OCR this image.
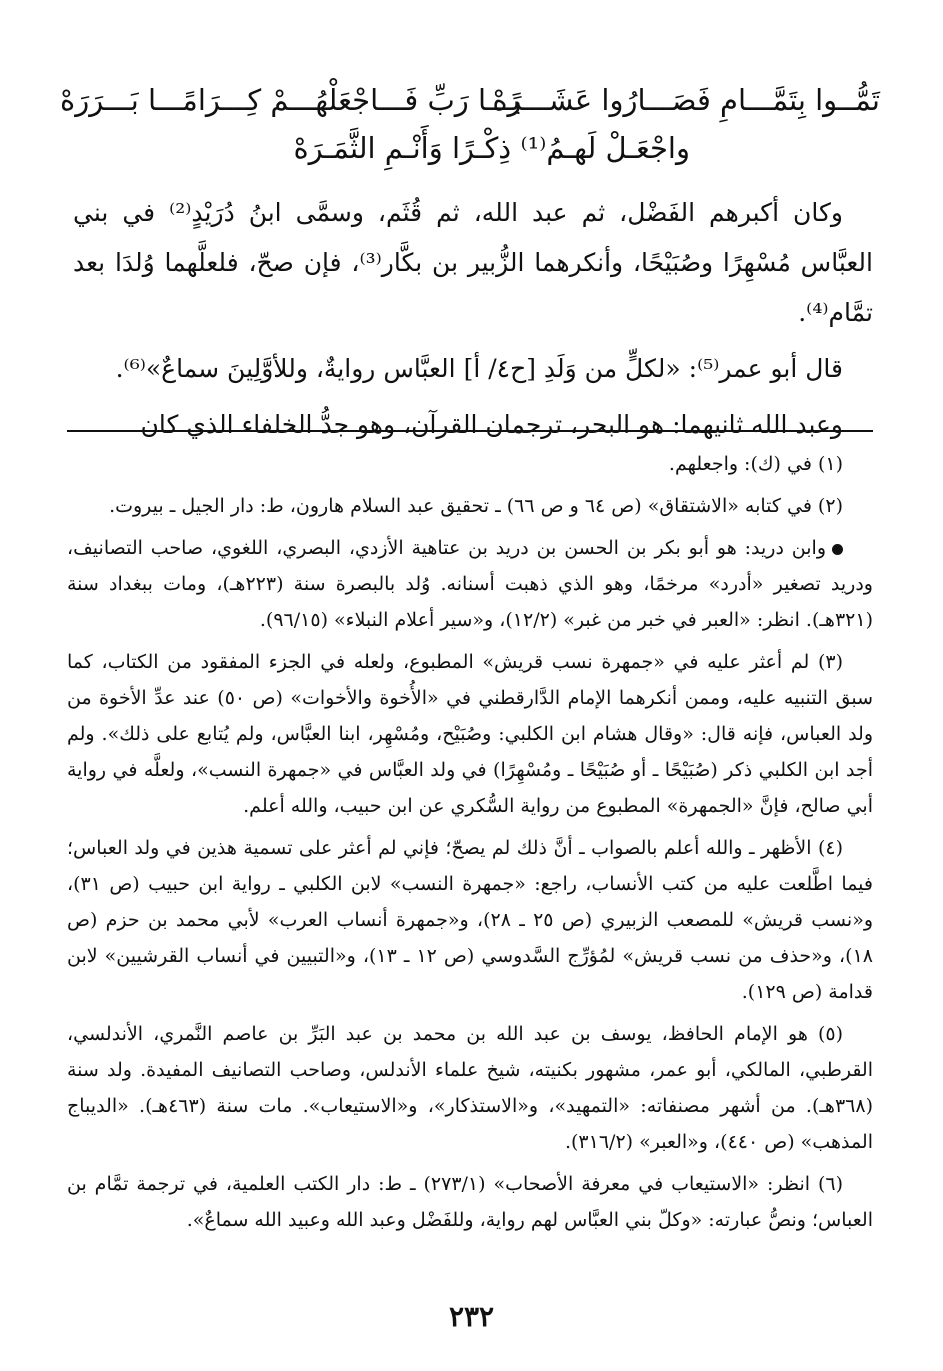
تَمُّــوا بِتَمَّـــامِ فَصَـــارُوا عَشَـــرَهْ
يَـــا رَبِّ فَـــاجْعَلْهُـــمْ كِـــرَامًـــا بَـــرَرَهْ
واجْعَـلْ لَهـمُ⁽¹⁾ ذِكْـرًا وَأَنْـمِ الثَّمَـرَهْ

وكان أكبرهم الفَضْل، ثم عبد الله، ثم قُثَم، وسمَّى ابنُ دُرَيْدٍ⁽²⁾ في بني العبَّاس مُسْهِرًا وصُبَيْحًا، وأنكرهما الزُّبير بن بكَّار⁽³⁾، فإن صحّ، فلعلَّهما وُلدَا بعد تمَّام⁽⁴⁾.

قال أبو عمر⁽⁵⁾: «لكلٍّ من وَلَدِ [ح٤/ أ] العبَّاس روايةٌ، وللأوَّلِينَ سماعٌ»⁽⁶⁾.

وعبد الله ثانيهما: هو البحر، ترجمان القرآن، وهو جدُّ الخلفاء الذي كان

(١) في (ك): واجعلهم.

(٢) في كتابه «الاشتقاق» (ص ٦٤ و ص ٦٦) ـ تحقيق عبد السلام هارون، ط: دار الجيل ـ بيروت.

وابن دريد: هو أبو بكر بن الحسن بن دريد بن عتاهية الأزدي، البصري، اللغوي، صاحب التصانيف، ودريد تصغير «أدرد» مرخمًا، وهو الذي ذهبت أسنانه. وُلد بالبصرة سنة (٢٢٣هـ)، ومات ببغداد سنة (٣٢١هـ). انظر: «العبر في خبر من غبر» (١٢/٢)، و«سير أعلام النبلاء» (٩٦/١٥).

(٣) لم أعثر عليه في «جمهرة نسب قريش» المطبوع، ولعله في الجزء المفقود من الكتاب، كما سبق التنبيه عليه، وممن أنكرهما الإمام الدَّارقطني في «الأُخوة والأخوات» (ص ٥٠) عند عدِّ الأخوة من ولد العباس، فإنه قال: «وقال هشام ابن الكلبي: وصُبَيْح، ومُسْهِر، ابنا العبَّاس، ولم يُتابع على ذلك». ولم أجد ابن الكلبي ذكر (صُبَيْحًا ـ أو صُبَيْحًا ـ ومُسْهِرًا) في ولد العبَّاس في «جمهرة النسب»، ولعلَّه في رواية أبي صالح، فإنَّ «الجمهرة» المطبوع من رواية السُّكري عن ابن حبيب، والله أعلم.

(٤) الأظهر ـ والله أعلم بالصواب ـ أنَّ ذلك لم يصحّ؛ فإني لم أعثر على تسمية هذين في ولد العباس؛ فيما اطَّلعت عليه من كتب الأنساب، راجع: «جمهرة النسب» لابن الكلبي ـ رواية ابن حبيب (ص ٣١)، و«نسب قريش» للمصعب الزبيري (ص ٢٥ ـ ٢٨)، و«جمهرة أنساب العرب» لأبي محمد بن حزم (ص ١٨)، و«حذف من نسب قريش» لمُؤرِّج السَّدوسي (ص ١٢ ـ ١٣)، و«التبيين في أنساب القرشيين» لابن قدامة (ص ١٢٩).

(٥) هو الإمام الحافظ، يوسف بن عبد الله بن محمد بن عبد البَرِّ بن عاصم النَّمري، الأندلسي، القرطبي، المالكي، أبو عمر، مشهور بكنيته، شيخ علماء الأندلس، وصاحب التصانيف المفيدة. ولد سنة (٣٦٨هـ). من أشهر مصنفاته: «التمهيد»، و«الاستذكار»، و«الاستيعاب». مات سنة (٤٦٣هـ). «الديباج المذهب» (ص ٤٤٠)، و«العبر» (٣١٦/٢).

(٦) انظر: «الاستيعاب في معرفة الأصحاب» (٢٧٣/١) ـ ط: دار الكتب العلمية، في ترجمة تمَّام بن العباس؛ ونصُّ عبارته: «وكلّ بني العبَّاس لهم رواية، وللفَضْل وعبد الله وعبيد الله سماعٌ».

٢٣٢
